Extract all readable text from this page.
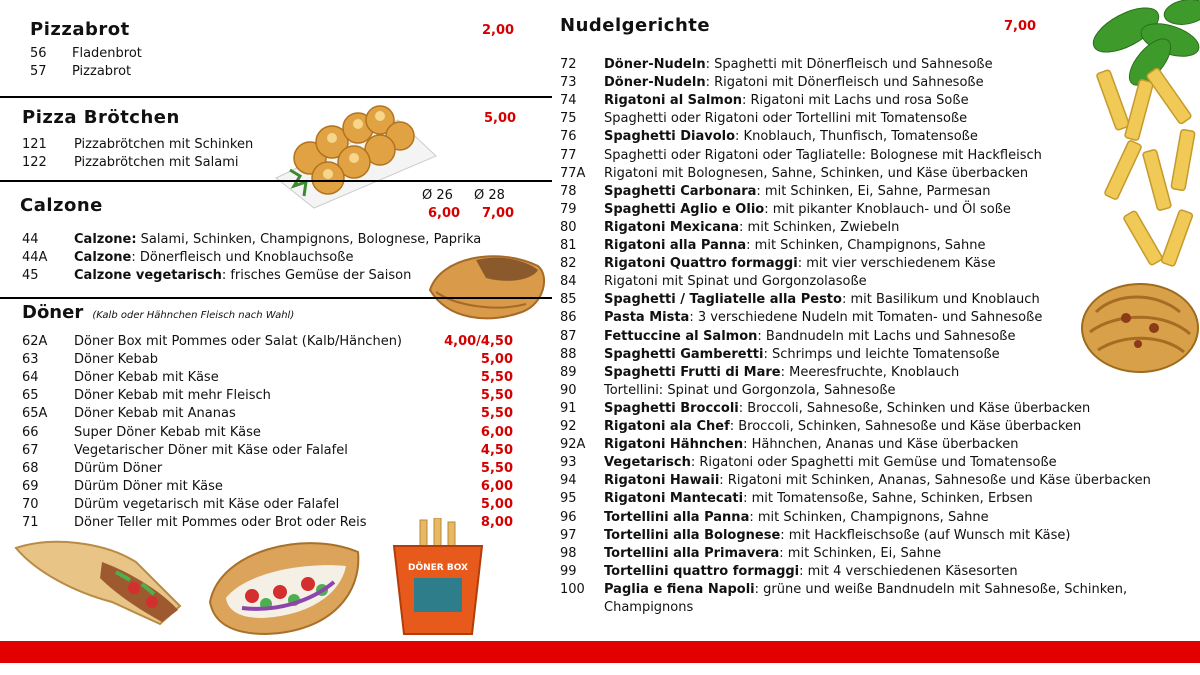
Pizzabrot	2,00
56 Fladenbrot
57 Pizzabrot
Pizza Brötchen	5,00
121 Pizzabrötchen mit Schinken
122 Pizzabrötchen mit Salami
Calzone	Ø 26 Ø 28
6,00 7,00
44	Calzone: Salami, Schinken, Champignons, Bolognese, Paprika
44A Calzone: Dönerfleisch und Knoblauchsoße
45	Calzone vegetarisch: frisches Gemüse der Saison
Döner (Kalb oder Hähnchen Fleisch nach Wahl)
62A Döner Box mit Pommes oder Salat (Kalb/Hänchen)	4,00/4,50
63	Döner Kebab	5,00
64	Döner Kebab mit Käse	5,50
65	Döner Kebab mit mehr Fleisch	5,50
65A Döner Kebab mit Ananas	5,50
66	Super Döner Kebab mit Käse	6,00
67	Vegetarischer Döner mit Käse oder Falafel	4,50
68	Dürüm Döner	5,50
69	Dürüm Döner mit Käse	6,00
70	Dürüm vegetarisch mit Käse oder Falafel	5,00
71	Döner Teller mit Pommes oder Brot oder Reis	8,00
DÖNER BOX
Nudelgerichte	7,00
72 Döner-Nudeln: Spaghetti mit Dönerfleisch und Sahnesoße
73 Döner-Nudeln: Rigatoni mit Dönerfleisch und Sahnesoße
74 Rigatoni al Salmon: Rigatoni mit Lachs und rosa Soße
75 Spaghetti oder Rigatoni oder Tortellini mit Tomatensoße
76 Spaghetti Diavolo: Knoblauch, Thunfisch, Tomatensoße
77 Spaghetti oder Rigatoni oder Tagliatelle: Bolognese mit Hackfleisch
77A Rigatoni mit Bolognesen, Sahne, Schinken, und Käse überbacken
78 Spaghetti Carbonara: mit Schinken, Ei, Sahne, Parmesan
79 Spaghetti Aglio e Olio: mit pikanter Knoblauch- und Öl soße
80 Rigatoni Mexicana: mit Schinken, Zwiebeln
81 Rigatoni alla Panna: mit Schinken, Champignons, Sahne
82 Rigatoni Quattro formaggi: mit vier verschiedenem Käse
84 Rigatoni mit Spinat und Gorgonzolasoße
85 Spaghetti / Tagliatelle alla Pesto: mit Basilikum und Knoblauch
86 Pasta Mista: 3 verschiedene Nudeln mit Tomaten- und Sahnesoße
87 Fettuccine al Salmon: Bandnudeln mit Lachs und Sahnesoße
88 Spaghetti Gamberetti: Schrimps und leichte Tomatensoße
89 Spaghetti Frutti di Mare: Meeresfruchte, Knoblauch
90 Tortellini: Spinat und Gorgonzola, Sahnesoße
91 Spaghetti Broccoli: Broccoli, Sahnesoße, Schinken und Käse überbacken
92 Rigatoni ala Chef: Broccoli, Schinken, Sahnesoße und Käse überbacken
92A Rigatoni Hähnchen: Hähnchen, Ananas und Käse überbacken
93 Vegetarisch: Rigatoni oder Spaghetti mit Gemüse und Tomatensoße
94 Rigatoni Hawaii: Rigatoni mit Schinken, Ananas, Sahnesoße und Käse überbacken
95 Rigatoni Mantecati: mit Tomatensoße, Sahne, Schinken, Erbsen
96 Tortellini alla Panna: mit Schinken, Champignons, Sahne
97 Tortellini alla Bolognese: mit Hackfleischsoße (auf Wunsch mit Käse)
98 Tortellini alla Primavera: mit Schinken, Ei, Sahne
99 Tortellini quattro formaggi: mit 4 verschiedenen Käsesorten
100 Paglia e fiena Napoli: grüne und weiße Bandnudeln mit Sahnesoße, Schinken,
Champignons
